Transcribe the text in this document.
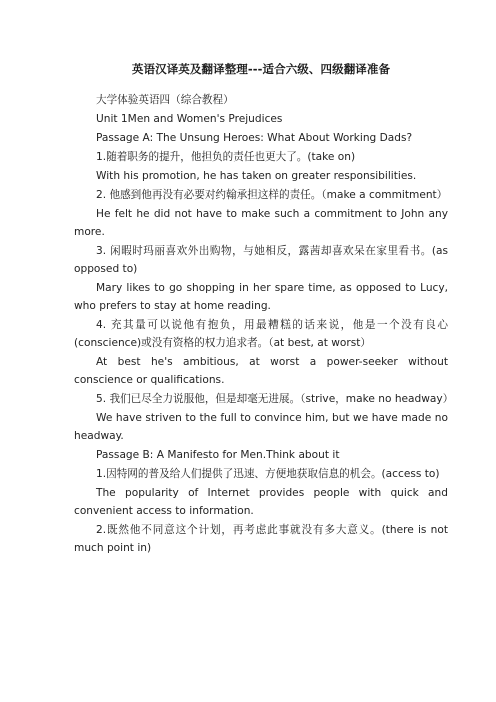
英语汉译英及翻译整理---适合六级、四级翻译准备
大学体验英语四（综合教程）
Unit 1Men and Women's Prejudices
Passage A: The Unsung Heroes: What About Working Dads?
1.随着职务的提升，他担负的责任也更大了。(take on)
With his promotion, he has taken on greater responsibilities.
2. 他感到他再没有必要对约翰承担这样的责任。（make a commitment）
He felt he did not have to make such a commitment to John any more.
3. 闲暇时玛丽喜欢外出购物，与她相反，露茜却喜欢呆在家里看书。(as opposed to)
Mary likes to go shopping in her spare time, as opposed to Lucy, who prefers to stay at home reading.
4. 充其量可以说他有抱负，用最糟糕的话来说，他是一个没有良心(conscience)或没有资格的权力追求者。（at best, at worst）
At best he's ambitious, at worst a power-seeker without conscience or qualifications.
5. 我们已尽全力说服他，但是却毫无进展。（strive，make no headway）
We have striven to the full to convince him, but we have made no headway.
Passage B: A Manifesto for Men.Think about it
1.因特网的普及给人们提供了迅速、方便地获取信息的机会。(access to)
The popularity of Internet provides people with quick and convenient access to information.
2.既然他不同意这个计划，再考虑此事就没有多大意义。(there is not much point in)
